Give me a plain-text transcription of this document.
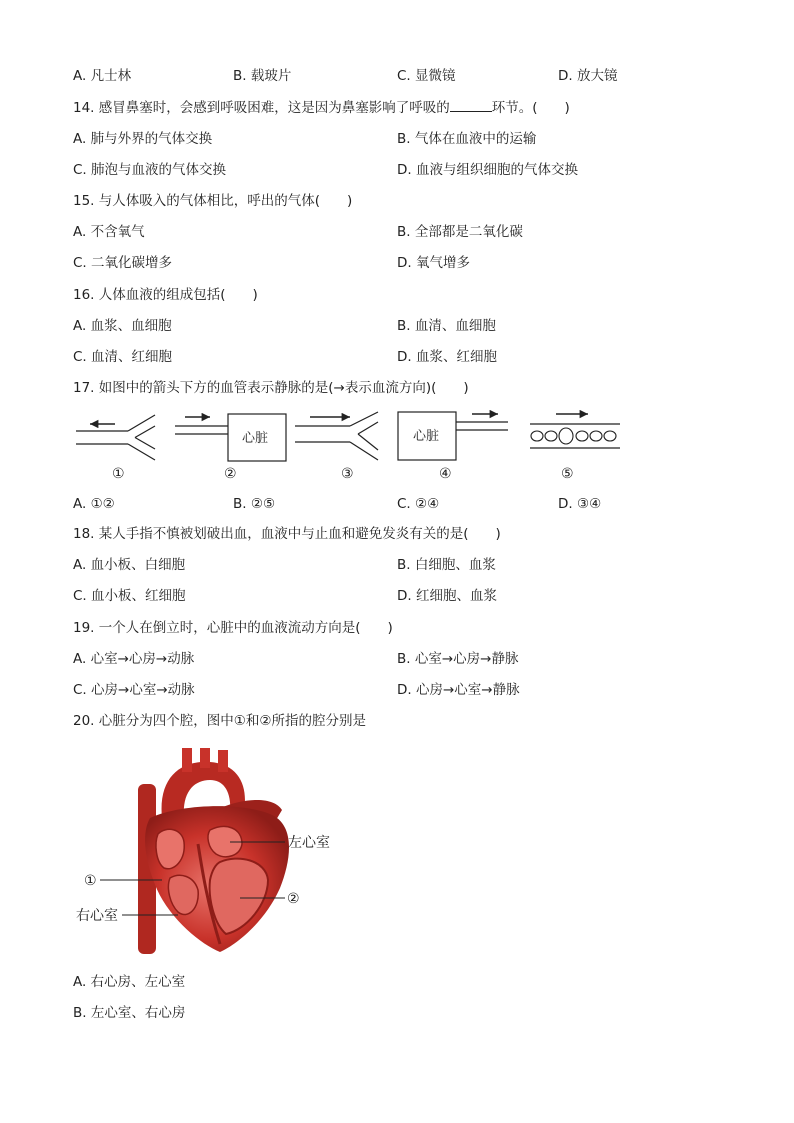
A. 凡士林	B. 载玻片	C. 显微镜	D. 放大镜
14. 感冒鼻塞时，会感到呼吸困难，这是因为鼻塞影响了呼吸的	环节。(　　)
A. 肺与外界的气体交换	B. 气体在血液中的运输
C. 肺泡与血液的气体交换	D. 血液与组织细胞的气体交换
15. 与人体吸入的气体相比，呼出的气体(　　)
A. 不含氧气	B. 全部都是二氧化碳
C. 二氧化碳增多	D. 氧气增多
16. 人体血液的组成包括(　　)
A. 血浆、血细胞	B. 血清、血细胞
C. 血清、红细胞	D. 血浆、红细胞
17. 如图中的箭头下方的血管表示静脉的是(→表示血流方向)(　　)
①
心脏
②	③
心脏
④	⑤
A. ①②	B. ②⑤	C. ②④	D. ③④
18. 某人手指不慎被划破出血，血液中与止血和避免发炎有关的是(　　)
A. 血小板、白细胞	B. 白细胞、血浆
C. 血小板、红细胞	D. 红细胞、血浆
19. 一个人在倒立时，心脏中的血液流动方向是(　　)
A. 心室→心房→动脉	B. 心室→心房→静脉
C. 心房→心室→动脉	D. 心房→心室→静脉
20. 心脏分为四个腔，图中①和②所指的腔分别是
左心室
①
右心室
②
A. 右心房、左心室
B. 左心室、右心房
